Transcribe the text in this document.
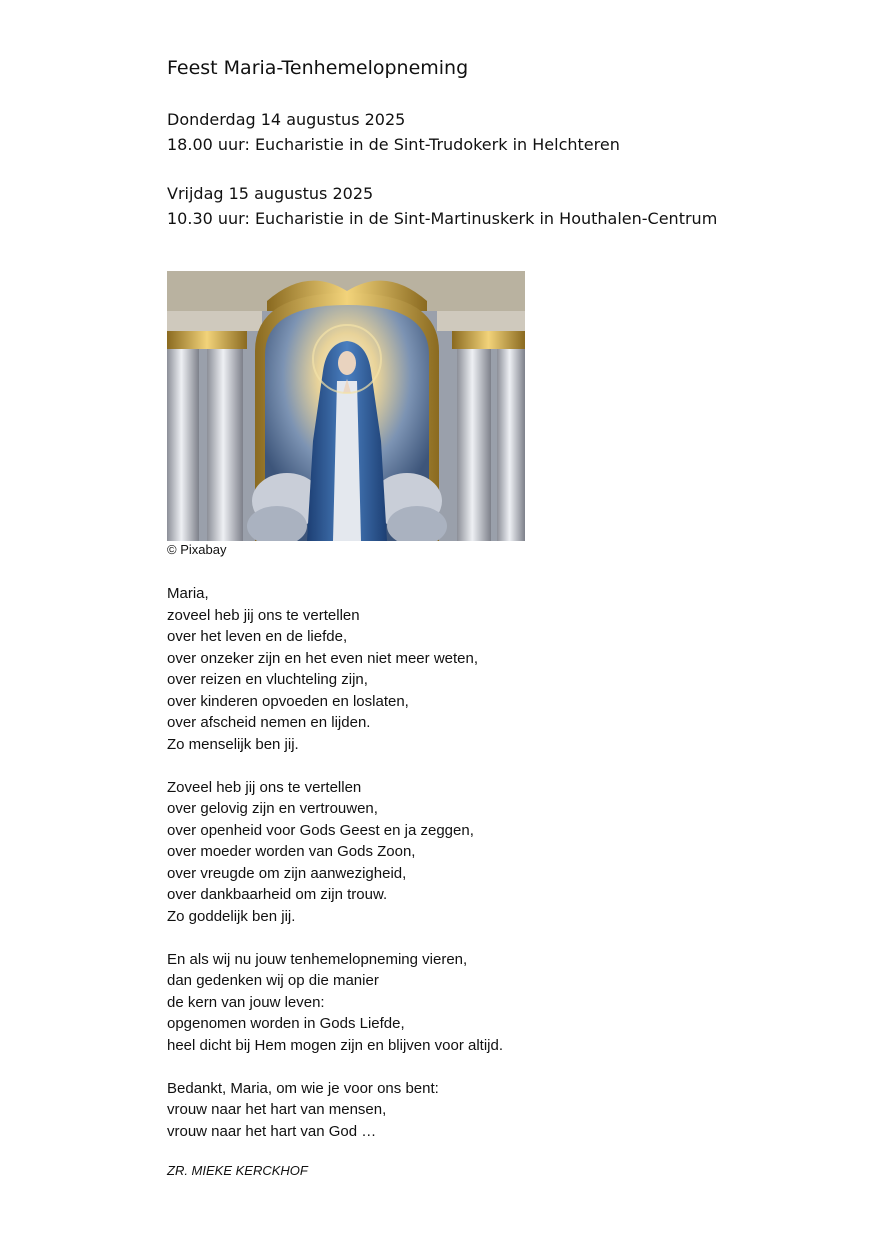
Feest Maria-Tenhemelopneming
Donderdag 14 augustus 2025
18.00 uur: Eucharistie in de Sint-Trudokerk in Helchteren
Vrijdag 15 augustus 2025
10.30 uur: Eucharistie in de Sint-Martinuskerk in Houthalen-Centrum
© Pixabay
Maria,
zoveel heb jij ons te vertellen
over het leven en de liefde,
over onzeker zijn en het even niet meer weten,
over reizen en vluchteling zijn,
over kinderen opvoeden en loslaten,
over afscheid nemen en lijden.
Zo menselijk ben jij.
Zoveel heb jij ons te vertellen
over gelovig zijn en vertrouwen,
over openheid voor Gods Geest en ja zeggen,
over moeder worden van Gods Zoon,
over vreugde om zijn aanwezigheid,
over dankbaarheid om zijn trouw.
Zo goddelijk ben jij.
En als wij nu jouw tenhemelopneming vieren,
dan gedenken wij op die manier
de kern van jouw leven:
opgenomen worden in Gods Liefde,
heel dicht bij Hem mogen zijn en blijven voor altijd.
Bedankt, Maria, om wie je voor ons bent:
vrouw naar het hart van mensen,
vrouw naar het hart van God …
ZR. MIEKE KERCKHOF
